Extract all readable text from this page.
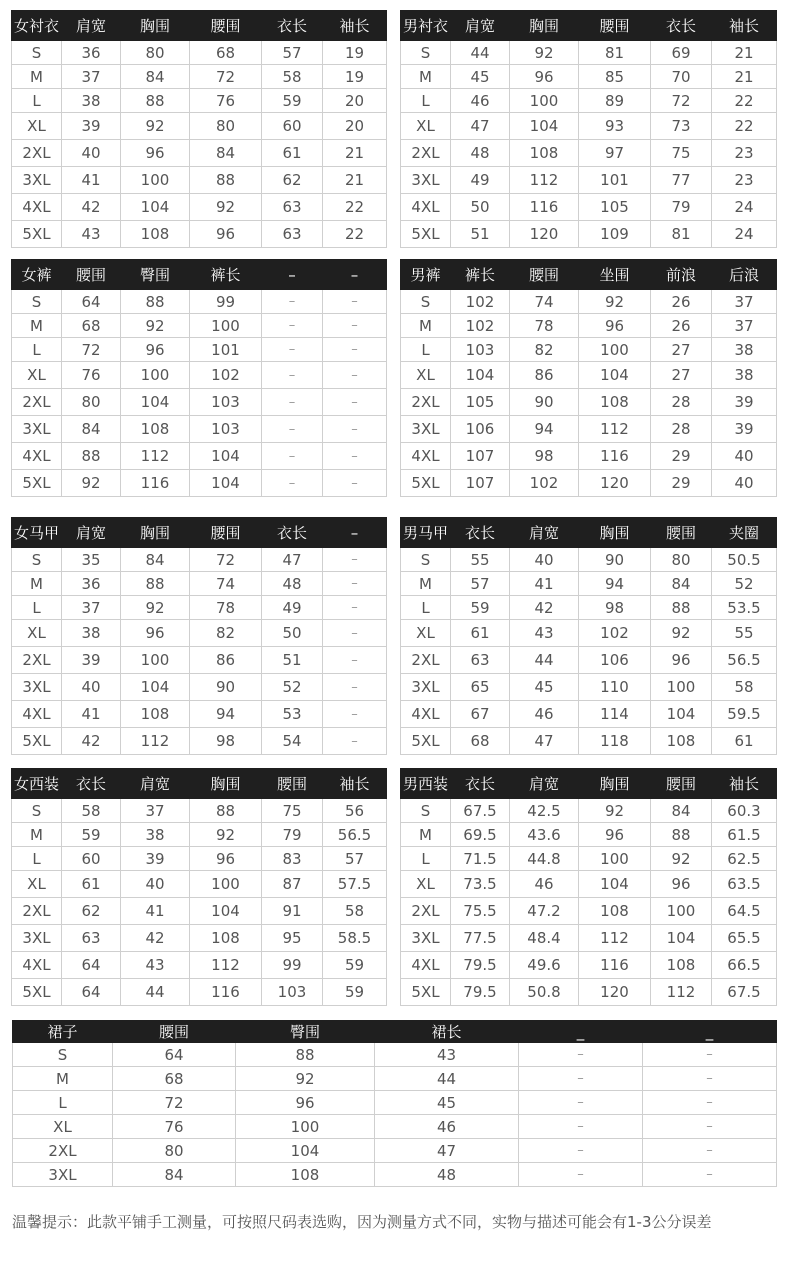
女衬衣	肩宽	胸围	腰围	衣长	袖长
S	36	80	68	57	19
M	37	84	72	58	19
L	38	88	76	59	20
XL	39	92	80	60	20
2XL	40	96	84	61	21
3XL	41	100	88	62	21
4XL	42	104	92	63	22
5XL	43	108	96	63	22
男衬衣	肩宽	胸围	腰围	衣长	袖长
S	44	92	81	69	21
M	45	96	85	70	21
L	46	100	89	72	22
XL	47	104	93	73	22
2XL	48	108	97	75	23
3XL	49	112	101	77	23
4XL	50	116	105	79	24
5XL	51	120	109	81	24
女裤	腰围	臀围	裤长	–	–
S	64	88	99	–	–
M	68	92	100	–	–
L	72	96	101	–	–
XL	76	100	102	–	–
2XL	80	104	103	–	–
3XL	84	108	103	–	–
4XL	88	112	104	–	–
5XL	92	116	104	–	–
男裤	裤长	腰围	坐围	前浪	后浪
S	102	74	92	26	37
M	102	78	96	26	37
L	103	82	100	27	38
XL	104	86	104	27	38
2XL	105	90	108	28	39
3XL	106	94	112	28	39
4XL	107	98	116	29	40
5XL	107	102	120	29	40
女马甲	肩宽	胸围	腰围	衣长	–
S	35	84	72	47	–
M	36	88	74	48	–
L	37	92	78	49	–
XL	38	96	82	50	–
2XL	39	100	86	51	–
3XL	40	104	90	52	–
4XL	41	108	94	53	–
5XL	42	112	98	54	–
男马甲	衣长	肩宽	胸围	腰围	夹圈
S	55	40	90	80	50.5
M	57	41	94	84	52
L	59	42	98	88	53.5
XL	61	43	102	92	55
2XL	63	44	106	96	56.5
3XL	65	45	110	100	58
4XL	67	46	114	104	59.5
5XL	68	47	118	108	61
女西装	衣长	肩宽	胸围	腰围	袖长
S	58	37	88	75	56
M	59	38	92	79	56.5
L	60	39	96	83	57
XL	61	40	100	87	57.5
2XL	62	41	104	91	58
3XL	63	42	108	95	58.5
4XL	64	43	112	99	59
5XL	64	44	116	103	59
男西装	衣长	肩宽	胸围	腰围	袖长
S	67.5	42.5	92	84	60.3
M	69.5	43.6	96	88	61.5
L	71.5	44.8	100	92	62.5
XL	73.5	46	104	96	63.5
2XL	75.5	47.2	108	100	64.5
3XL	77.5	48.4	112	104	65.5
4XL	79.5	49.6	116	108	66.5
5XL	79.5	50.8	120	112	67.5
裙子	腰围	臀围	裙长	_	_
S	64	88	43	–	–
M	68	92	44	–	–
L	72	96	45	–	–
XL	76	100	46	–	–
2XL	80	104	47	–	–
3XL	84	108	48	–	–
温馨提示：此款平铺手工测量，可按照尺码表选购，因为测量方式不同，实物与描述可能会有1-3公分误差
